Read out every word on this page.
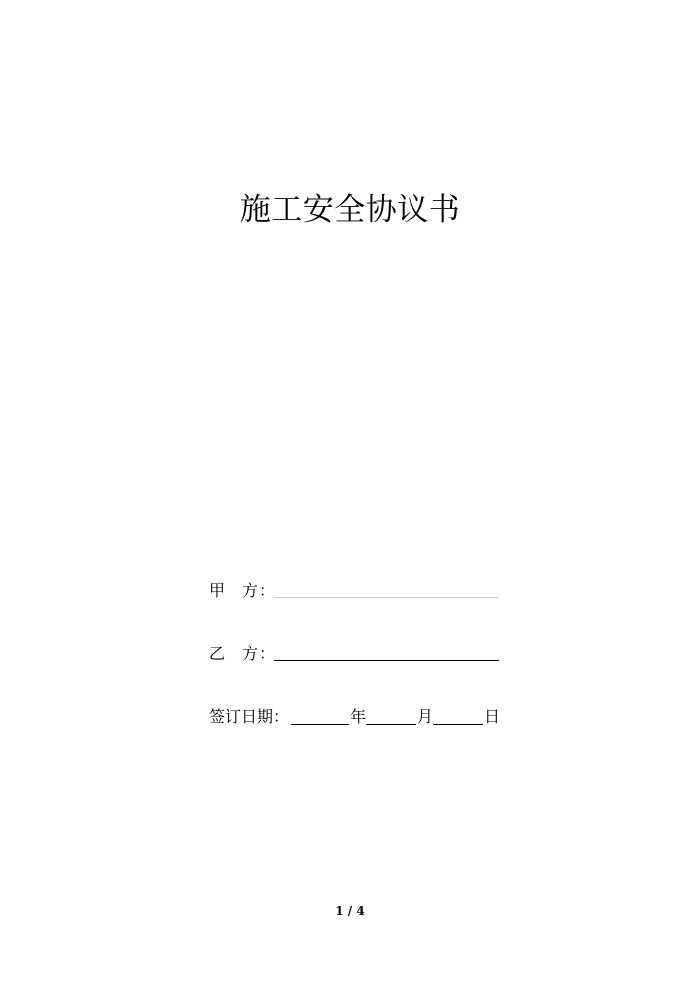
施工安全协议书
甲 方 ：
乙 方 ：
签订日期：	年	月	日
1 / 4
